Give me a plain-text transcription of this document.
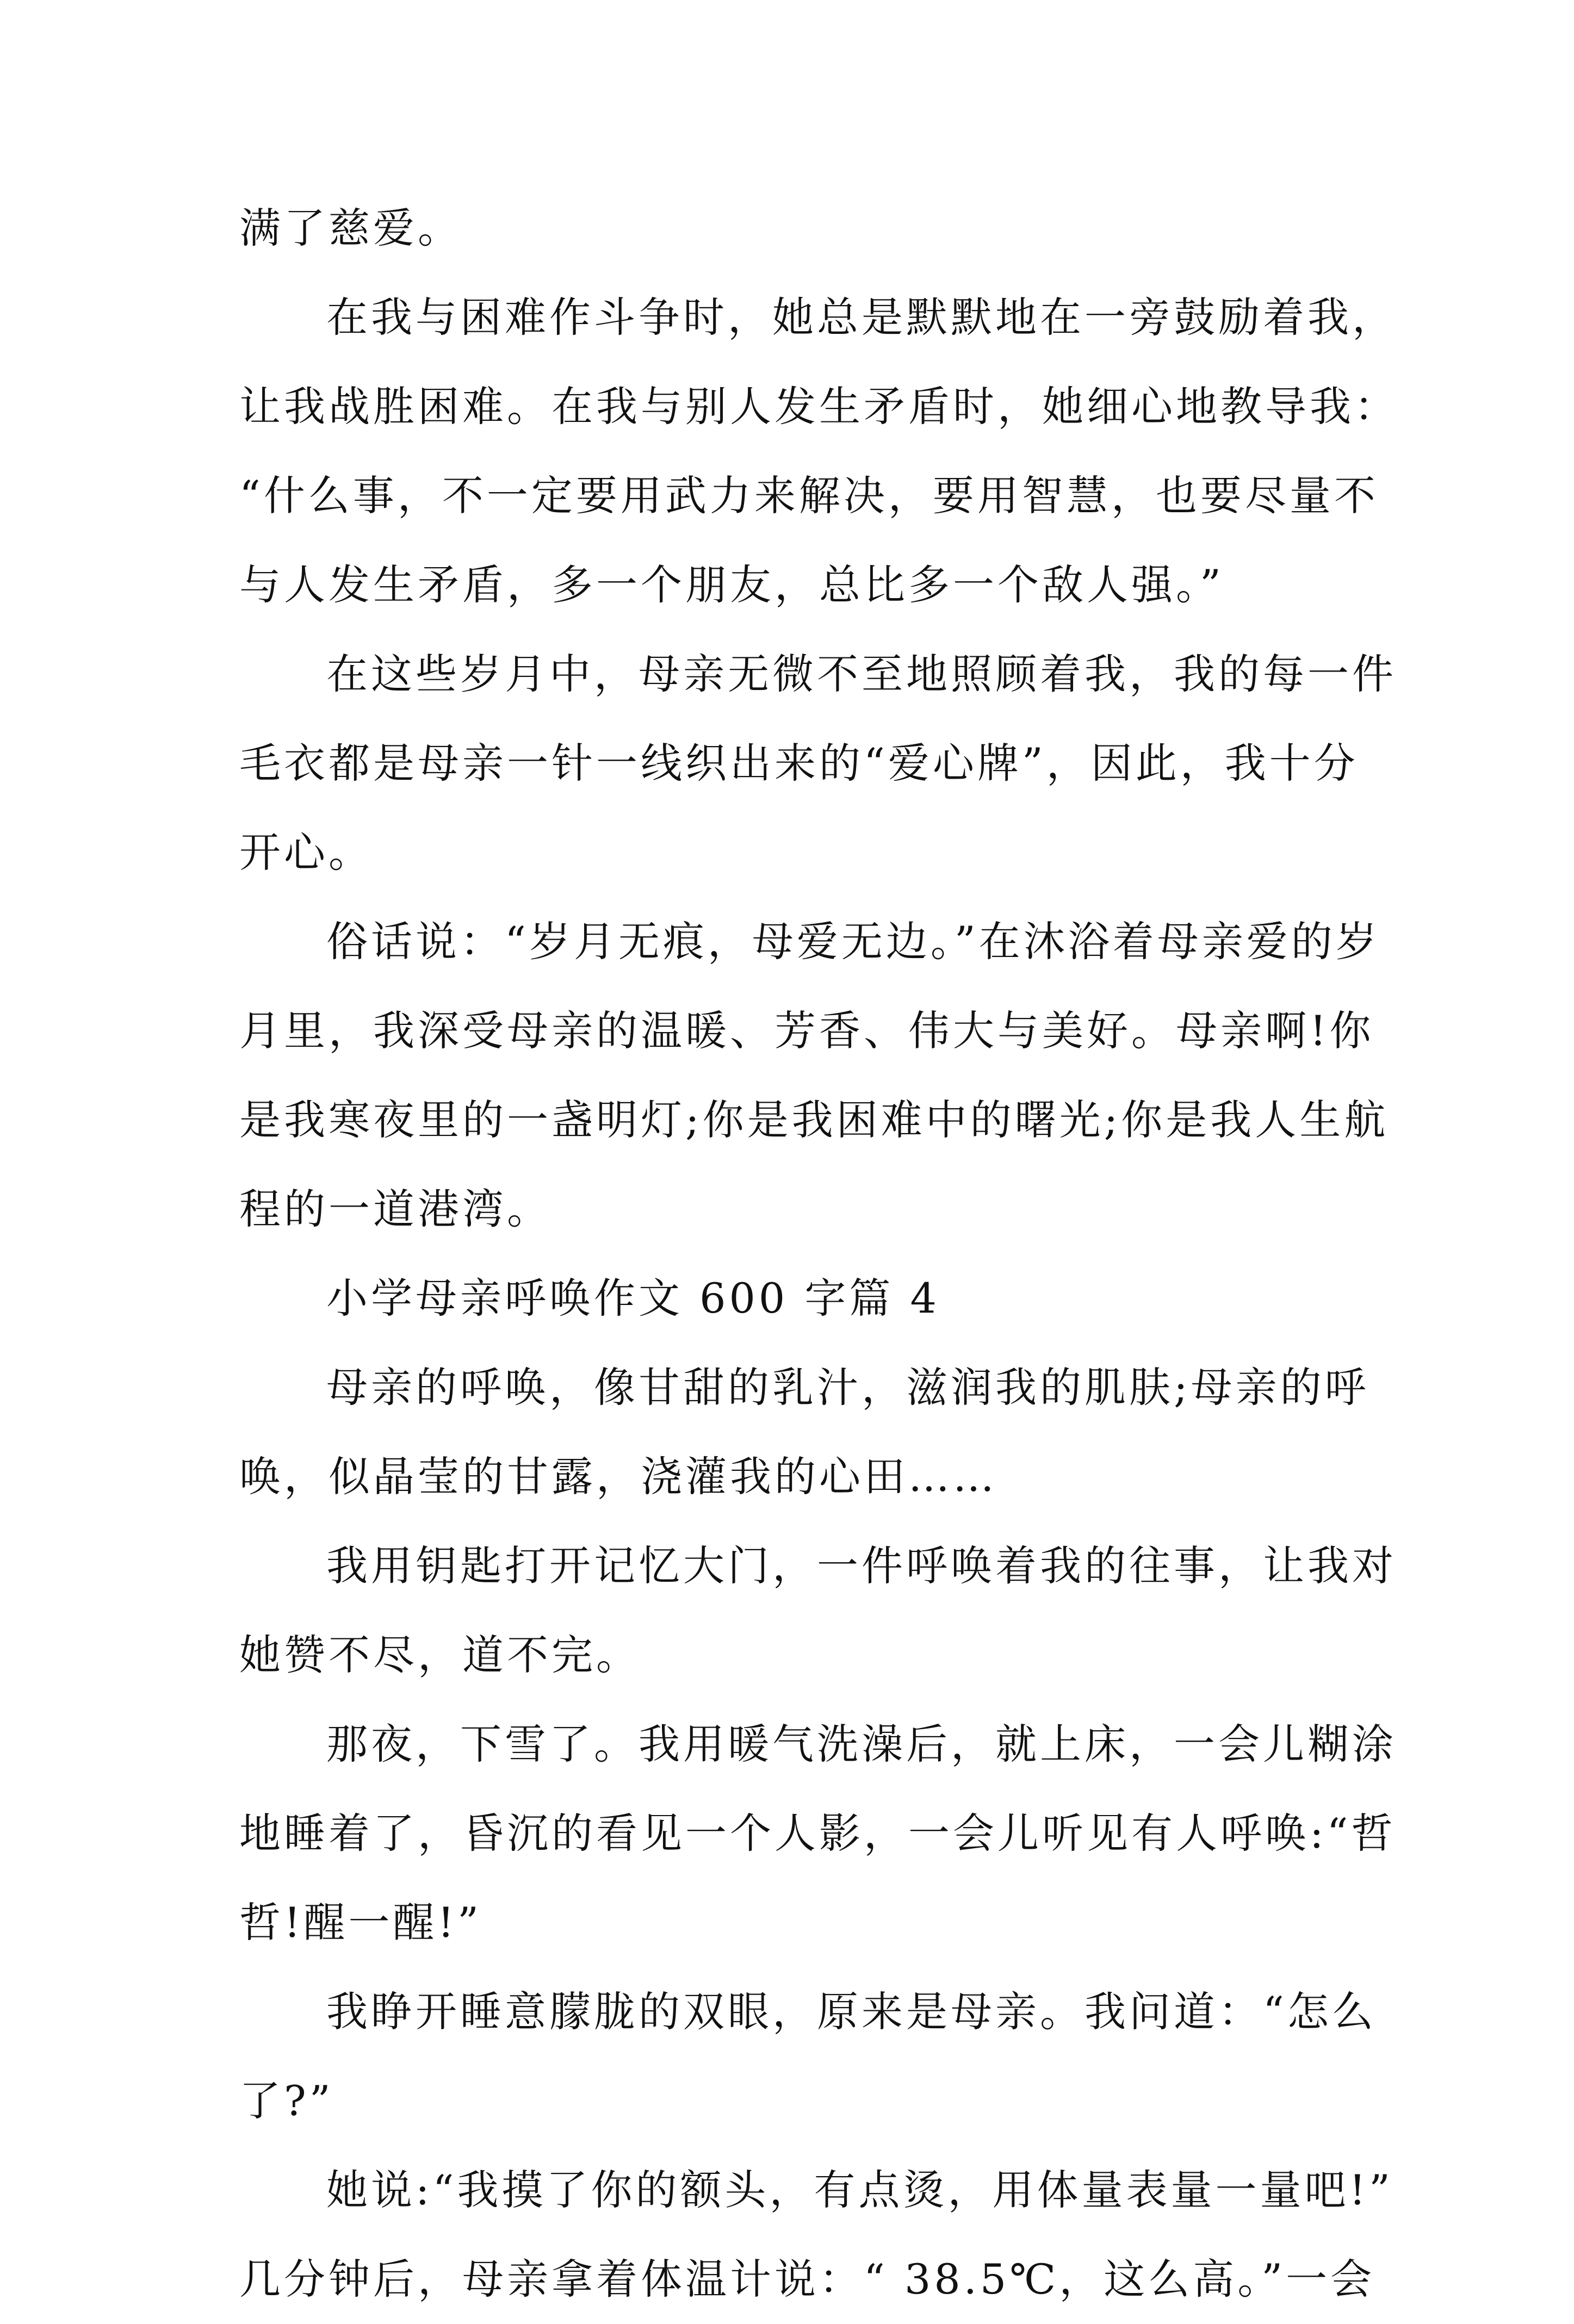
满了慈爱。
在我与困难作斗争时，她总是默默地在一旁鼓励着我，
让我战胜困难。在我与别人发生矛盾时，她细心地教导我：
“什么事，不一定要用武力来解决，要用智慧，也要尽量不
与人发生矛盾，多一个朋友，总比多一个敌人强。”
在这些岁月中，母亲无微不至地照顾着我，我的每一件
毛衣都是母亲一针一线织出来的“爱心牌”，因此，我十分
开心。
俗话说：“岁月无痕，母爱无边。”在沐浴着母亲爱的岁
月里，我深受母亲的温暖、芳香、伟大与美好。母亲啊!你
是我寒夜里的一盏明灯;你是我困难中的曙光;你是我人生航
程的一道港湾。
小学母亲呼唤作文 600 字篇 4
母亲的呼唤，像甘甜的乳汁，滋润我的肌肤;母亲的呼
唤，似晶莹的甘露，浇灌我的心田……
我用钥匙打开记忆大门，一件呼唤着我的往事，让我对
她赞不尽，道不完。
那夜，下雪了。我用暖气洗澡后，就上床，一会儿糊涂
地睡着了，昏沉的看见一个人影，一会儿听见有人呼唤:“哲
哲!醒一醒!”
我睁开睡意朦胧的双眼，原来是母亲。我问道：“怎么
了?”
她说:“我摸了你的额头，有点烫，用体量表量一量吧!”
几分钟后，母亲拿着体温计说：“ 38.5℃，这么高。”一会
